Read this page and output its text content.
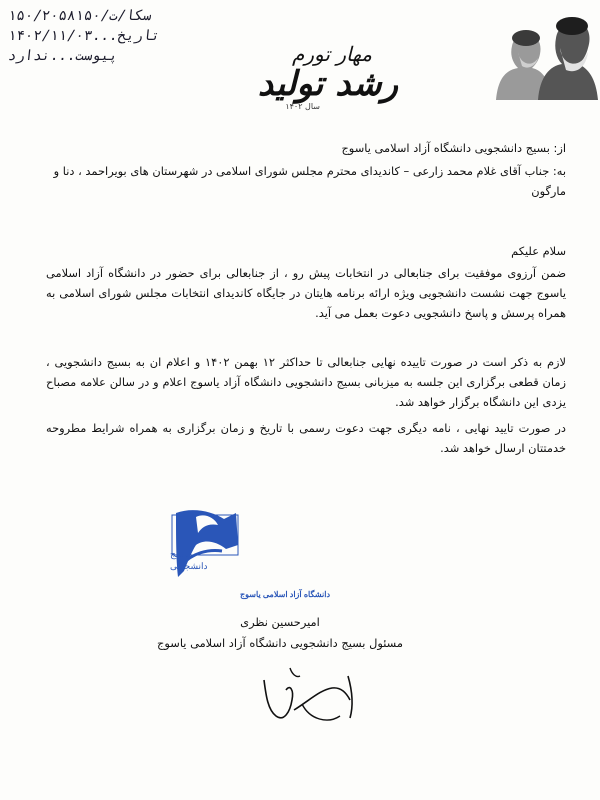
سکا/ت/۱۵۰/۲۰۵۸۱۵۰
تاریخ...۱۴۰۲/۱۱/۰۳
پیوست...ندارد	مهار تورم
رشد تولید
سال ۱۴۰۲
از: بسیج دانشجویی دانشگاه آزاد اسلامی یاسوج
به: جناب آقای غلام محمد زارعی – کاندیدای محترم مجلس شورای اسلامی در شهرستان های بویراحمد ، دنا و مارگون
سلام علیکم
ضمن آرزوی موفقیت برای جنابعالی در انتخابات پیش رو ، از جنابعالی برای حضور در دانشگاه آزاد اسلامی یاسوج جهت نشست دانشجویی ویژه ارائه برنامه هایتان در جایگاه کاندیدای انتخابات مجلس شورای اسلامی به همراه پرسش و پاسخ دانشجویی دعوت بعمل می آید.
لازم به ذکر است در صورت تاییده نهایی جنابعالی تا حداکثر ۱۲ بهمن ۱۴۰۲ و اعلام ان به بسیج دانشجویی ، زمان قطعی برگزاری این جلسه به میزبانی بسیج دانشجویی دانشگاه آزاد یاسوج اعلام و در سالن علامه مصباح یزدی این دانشگاه برگزار خواهد شد.
در صورت تایید نهایی ، نامه دیگری جهت دعوت رسمی با تاریخ و زمان برگزاری به همراه شرایط مطروحه خدمتتان ارسال خواهد شد.
بسیج
دانشجویی
دانشگاه آزاد اسلامی یاسوج
امیرحسین نظری
مسئول بسیج دانشجویی دانشگاه آزاد اسلامی یاسوج
